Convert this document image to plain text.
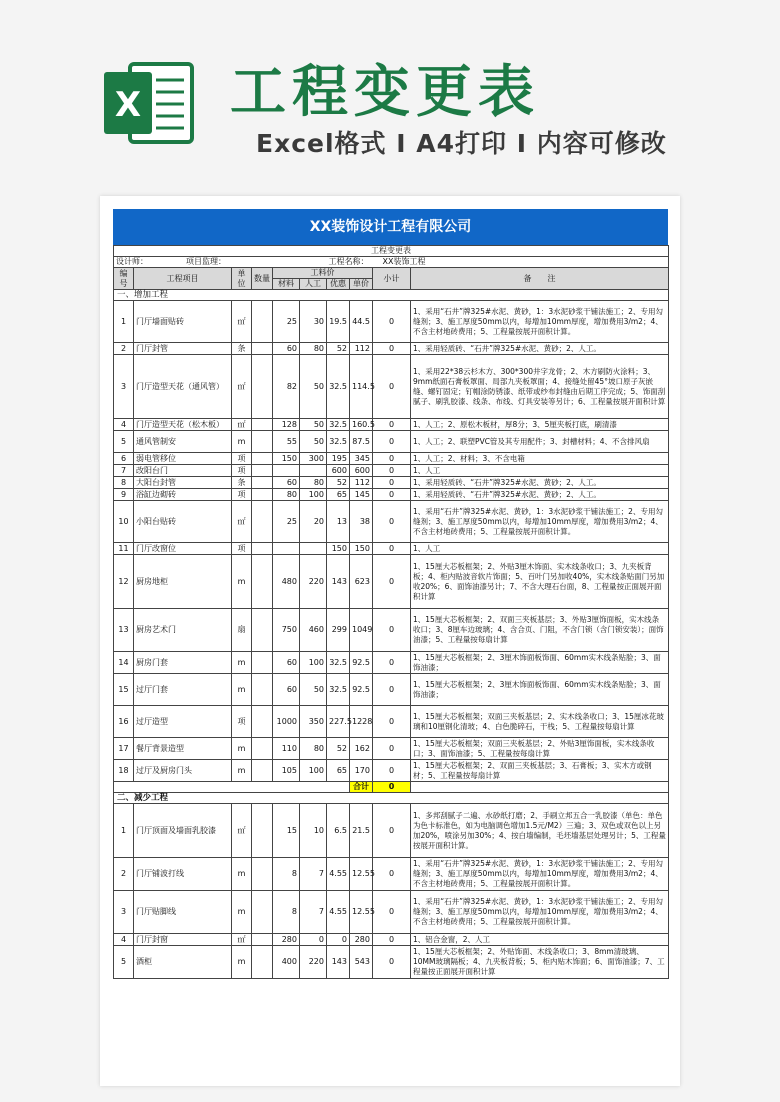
X 工程变更表
Excel格式 I A4打印 I 内容可修改
XX装饰设计工程有限公司
工程变更表									
设计师： 项目监理：						工程名称： XX装饰工程			
编号	工程项目	单位	数量	工料价				小计	备　　注
				材料	人工	优惠	单价		
一、增加工程									
1	门厅墙面贴砖	㎡		25	30	19.5	44.5	0	1、采用“石井”牌325#水泥、黄砂，1：3水泥砂浆干铺法施工；2、专用勾缝剂；3、施工厚度50mm以内，每增加10mm厚度，增加费用3/m2；4、不含主材地砖费用；5、工程量按展开面积计算。
2	门厅封管	条		60	80	52	112	0	1、采用轻质砖、“石井”牌325#水泥、黄砂；2、人工。
3	门厅造型天花（通风管）	㎡		82	50	32.5	114.5	0	1、采用22*38云杉木方、300*300井字龙骨；2、木方刷防火涂料；3、9mm纸面石膏板罩面、局部九夹板罩面；4、接缝处留45°坡口原子灰嵌缝、螺钉固定；钉帽涂防锈漆、纸带或纱布封缝由后期工序完成；5、饰面刮腻子、刷乳胶漆、线条、布线、灯具安装等另计；6、工程量按展开面积计算
4	门厅造型天花（松木板）	㎡		128	50	32.5	160.5	0	1、人工；2、原松木板材，厚8分；3、5厘夹板打底，刷清漆
5	通风管制安	m		55	50	32.5	87.5	0	1、人工；2、联塑PVC管及其专用配件；3、封槽材料；4、不含排风扇
6	弱电管移位	项		150	300	195	345	0	1、人工；2、材料；3、不含电箱
7	改阳台门	项				600	600	0	1、人工
8	大阳台封管	条		60	80	52	112	0	1、采用轻质砖、“石井”牌325#水泥、黄砂；2、人工。
9	浴缸边砌砖	项		80	100	65	145	0	1、采用轻质砖、“石井”牌325#水泥、黄砂；2、人工。
10	小阳台贴砖	㎡		25	20	13	38	0	1、采用“石井”牌325#水泥、黄砂，1：3水泥砂浆干铺法施工；2、专用勾缝剂；3、施工厚度50mm以内，每增加10mm厚度，增加费用3/m2；4、不含主材地砖费用；5、工程量按展开面积计算。
11	门厅改窗位	项				150	150	0	1、人工
12	厨房地柜	m		480	220	143	623	0	1、15厘大芯板框架；2、外贴3厘木饰面、实木线条收口；3、九夹板背板；4、柜内贴波音软片饰面；5、百叶门另加收40%，实木线条贴面门另加收20%；6、面饰油漆另计；7、不含大理石台面，8、工程量按正面展开面积计算
13	厨房艺术门	扇		750	460	299	1049	0	1、15厘大芯板框架；2、双面三夹板基层；3、外贴3厘饰面板，实木线条收口；3、8厘车边玻璃；4、含合页、门阻，不含门锁（含门锁安装）；面饰油漆；5、工程量按每扇计算
14	厨房门套	m		60	100	32.5	92.5	0	1、15厘大芯板框架；2、3厘木饰面板饰面、60mm实木线条贴脸；3、面饰油漆；
15	过厅门套	m		60	50	32.5	92.5	0	1、15厘大芯板框架；2、3厘木饰面板饰面、60mm实木线条贴脸；3、面饰油漆；
16	过厅造型	项		1000	350	227.5	1228	0	1、15厘大芯板框架；双面三夹板基层；2、实木线条收口；3、15厘冰花玻璃和10厘钢化清玻；4、白色脆碎石，干栈；5、工程量按每扇计算
17	餐厅背景造型	m		110	80	52	162	0	1、15厘大芯板框架；双面三夹板基层；2、外贴3厘饰面板，实木线条收口；3、面饰油漆；5、工程量按每扇计算
18	过厅及厨房门头	m		105	100	65	170	0	1、15厘大芯板框架；2、双面三夹板基层；3、石膏板；3、实木方或钢材；5、工程量按每扇计算
							合计	0	
二、减少工程									
1	门厅顶面及墙面乳胶漆	㎡		15	10	6.5	21.5	0	1、多邦刮腻子二遍、水砂纸打磨；2、手刷立邦五合一乳胶漆（单色：单色为色卡标准色，如为电脑调色增加1.5元/M2）三遍；3、双色或双色以上另加20%，喷涂另加30%；4、按白墙编制，毛坯墙基层处理另计；5、工程量按展开面积计算。
2	门厅铺波打线	m		8	7	4.55	12.55	0	1、采用“石井”牌325#水泥、黄砂，1：3水泥砂浆干铺法施工；2、专用勾缝剂；3、施工厚度50mm以内，每增加10mm厚度，增加费用3/m2；4、不含主材地砖费用；5、工程量按展开面积计算。
3	门厅贴脚线	m		8	7	4.55	12.55	0	1、采用“石井”牌325#水泥、黄砂，1：3水泥砂浆干铺法施工；2、专用勾缝剂；3、施工厚度50mm以内，每增加10mm厚度，增加费用3/m2；4、不含主材地砖费用；5、工程量按展开面积计算。
4	门厅封窗	㎡		280	0	0	280	0	1、铝合金窗，2、人工
5	酒柜	m		400	220	143	543	0	1、15厘大芯板框架；2、外贴饰面、木线条收口；3、8mm清玻璃、10MM玻璃隔板；4、九夹板背板；5、柜内贴木饰面；6、面饰油漆；7、工程量按正面展开面积计算
